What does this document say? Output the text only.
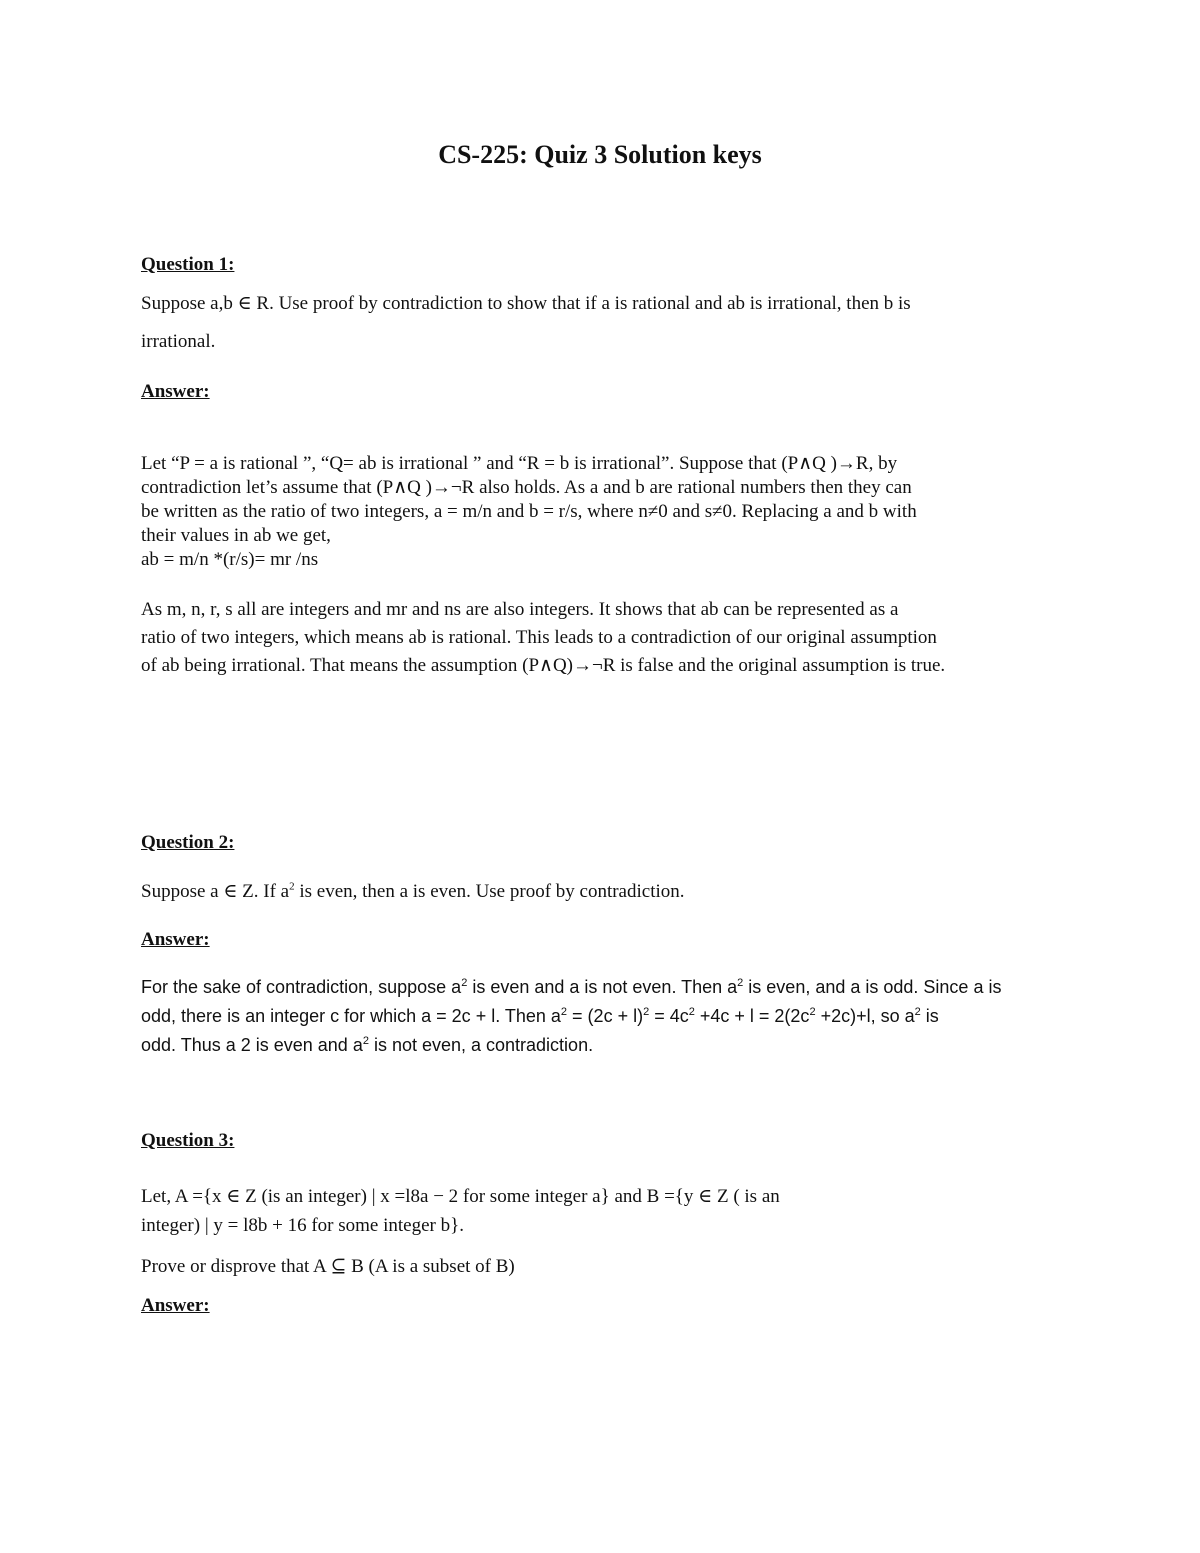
CS-225: Quiz 3 Solution keys
Question 1:
Suppose a,b ∈ R. Use proof by contradiction to show that if a is rational and ab is irrational, then b is
irrational.
Answer:
Let “P = a is rational ”, “Q= ab is irrational ” and “R = b is irrational”. Suppose that (P∧Q )→R, by
contradiction let’s assume that (P∧Q )→¬R also holds. As a and b are rational numbers then they can
be written as the ratio of two integers, a = m/n and b = r/s, where n≠0 and s≠0. Replacing a and b with
their values in ab we get,
ab = m/n *(r/s)= mr /ns
As m, n, r, s all are integers and mr and ns are also integers. It shows that ab can be represented as a
ratio of two integers, which means ab is rational. This leads to a contradiction of our original assumption
of ab being irrational. That means the assumption (P∧Q)→¬R is false and the original assumption is true.
Question 2:
Suppose a ∈ Z. If $a^2$ is even, then a is even. Use proof by contradiction.
Answer:
For the sake of contradiction, suppose $a^2$ is even and a is not even. Then $a^2$ is even, and a is odd. Since a is
odd, there is an integer c for which a = 2c + l. Then $a^2 = (2c + l)^2 = 4c^2 +4c + l = 2(2c^2 +2c)+l$, so $a^2$ is
odd. Thus a 2 is even and $a^2$ is not even, a contradiction.
Question 3:
Let, A ={x ∈ Z (is an integer) | x =l8a − 2 for some integer a} and B ={y ∈ Z ( is an
integer) | y = l8b + 16 for some integer b}.
Prove or disprove that A ⊆ B (A is a subset of B)
Answer:
